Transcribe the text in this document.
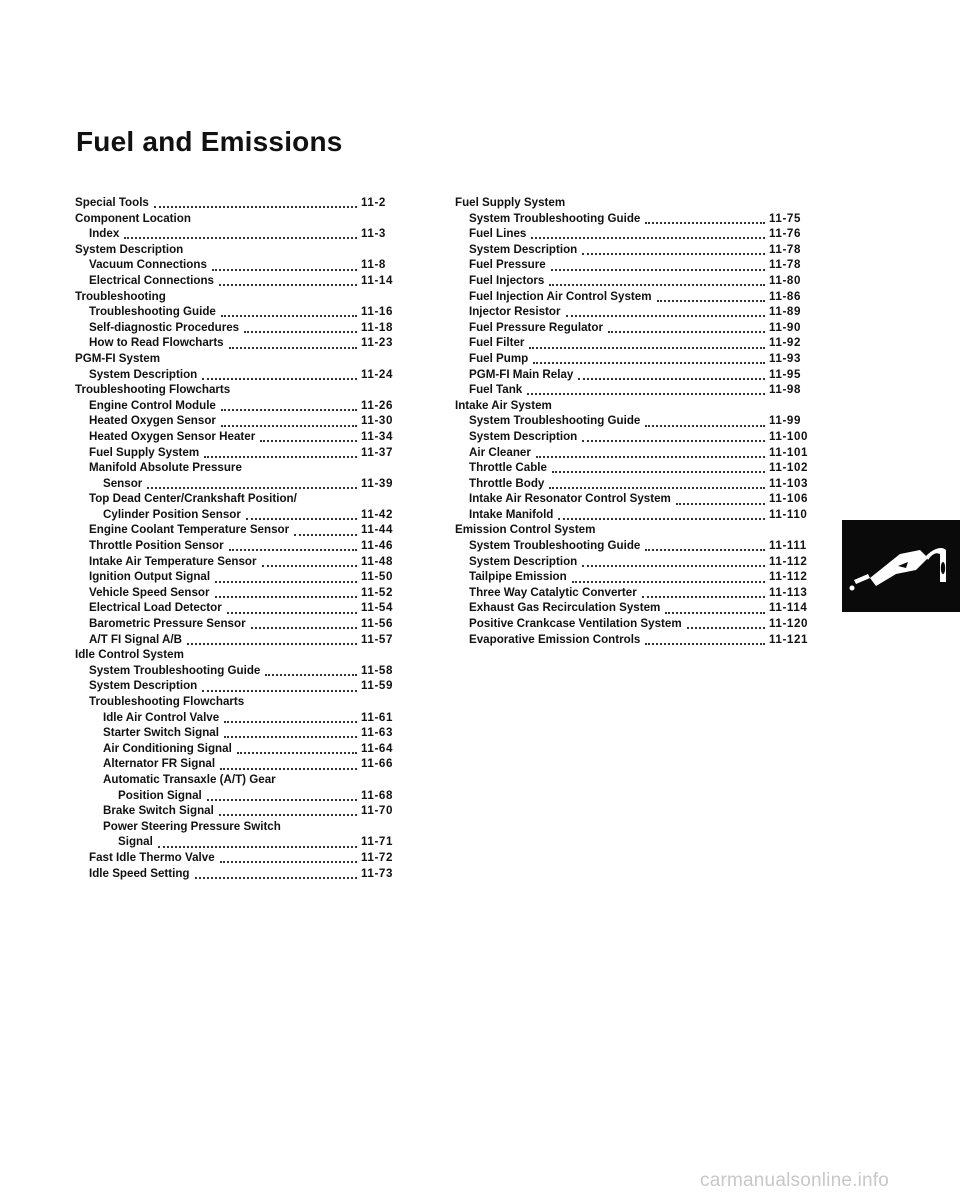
Fuel and Emissions
Special Tools	11-2
Component Location
Index	11-3
System Description
Vacuum Connections	11-8
Electrical Connections	11-14
Troubleshooting
Troubleshooting Guide	11-16
Self-diagnostic Procedures	11-18
How to Read Flowcharts	11-23
PGM-FI System
System Description	11-24
Troubleshooting Flowcharts
Engine Control Module	11-26
Heated Oxygen Sensor	11-30
Heated Oxygen Sensor Heater	11-34
Fuel Supply System	11-37
Manifold Absolute Pressure
Sensor	11-39
Top Dead Center/Crankshaft Position/
Cylinder Position Sensor	11-42
Engine Coolant Temperature Sensor	11-44
Throttle Position Sensor	11-46
Intake Air Temperature Sensor	11-48
Ignition Output Signal	11-50
Vehicle Speed Sensor	11-52
Electrical Load Detector	11-54
Barometric Pressure Sensor	11-56
A/T FI Signal A/B	11-57
Idle Control System
System Troubleshooting Guide	11-58
System Description	11-59
Troubleshooting Flowcharts
Idle Air Control Valve	11-61
Starter Switch Signal	11-63
Air Conditioning Signal	11-64
Alternator FR Signal	11-66
Automatic Transaxle (A/T) Gear
Position Signal	11-68
Brake Switch Signal	11-70
Power Steering Pressure Switch
Signal	11-71
Fast Idle Thermo Valve	11-72
Idle Speed Setting	11-73
Fuel Supply System
System Troubleshooting Guide	11-75
Fuel Lines	11-76
System Description	11-78
Fuel Pressure	11-78
Fuel Injectors	11-80
Fuel Injection Air Control System	11-86
Injector Resistor	11-89
Fuel Pressure Regulator	11-90
Fuel Filter	11-92
Fuel Pump	11-93
PGM-FI Main Relay	11-95
Fuel Tank	11-98
Intake Air System
System Troubleshooting Guide	11-99
System Description	11-100
Air Cleaner	11-101
Throttle Cable	11-102
Throttle Body	11-103
Intake Air Resonator Control System	11-106
Intake Manifold	11-110
Emission Control System
System Troubleshooting Guide	11-111
System Description	11-112
Tailpipe Emission	11-112
Three Way Catalytic Converter	11-113
Exhaust Gas Recirculation System	11-114
Positive Crankcase Ventilation System	11-120
Evaporative Emission Controls	11-121
carmanualsonline.info
